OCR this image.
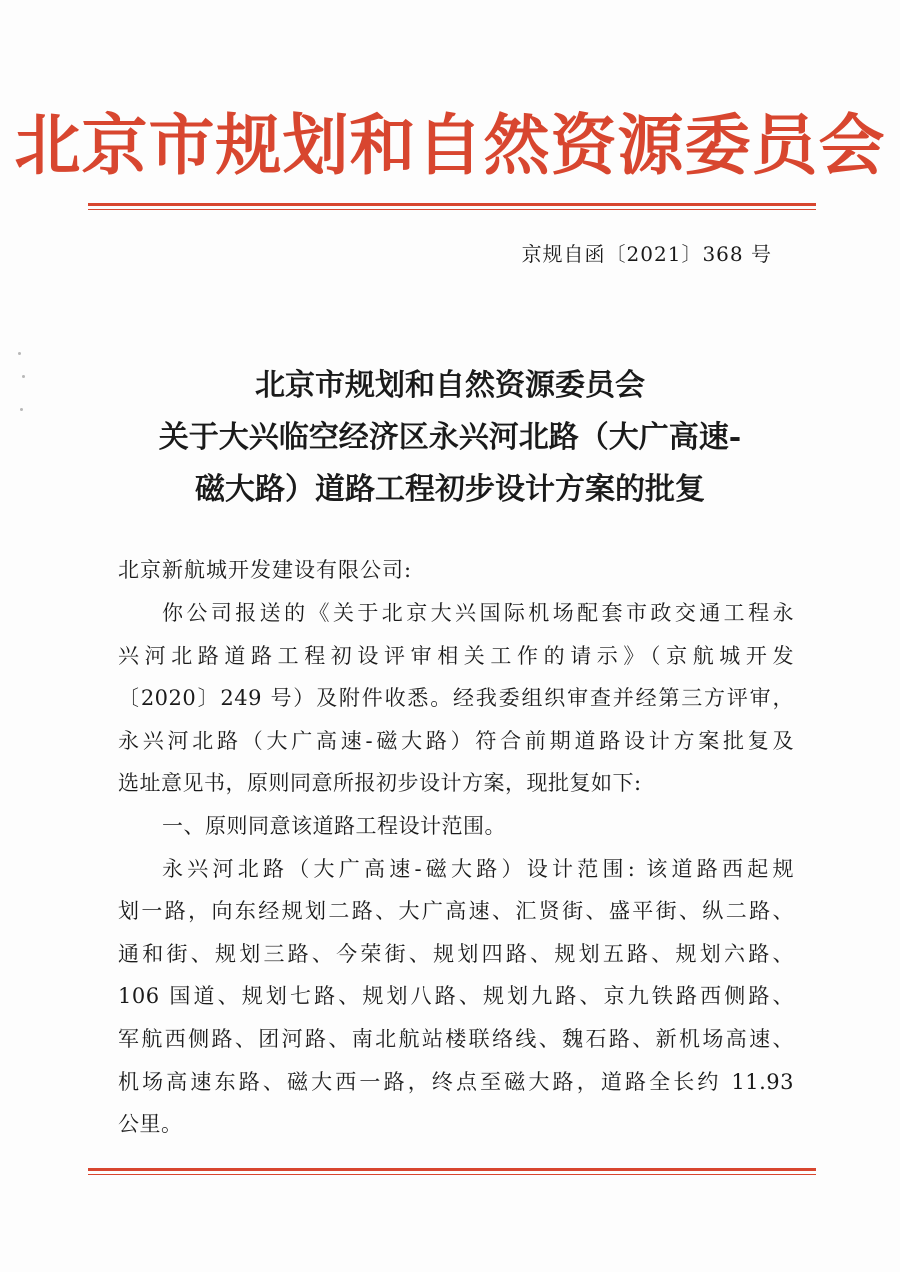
北京市规划和自然资源委员会
京规自函〔2021〕368 号
北京市规划和自然资源委员会
关于大兴临空经济区永兴河北路（大广高速-
磁大路）道路工程初步设计方案的批复
北京新航城开发建设有限公司:
你公司报送的《关于北京大兴国际机场配套市政交通工程永
兴河北路道路工程初设评审相关工作的请示》（京航城开发
〔2020〕249 号）及附件收悉。经我委组织审查并经第三方评审，
永兴河北路（大广高速-磁大路）符合前期道路设计方案批复及
选址意见书，原则同意所报初步设计方案，现批复如下:
一、原则同意该道路工程设计范围。
永兴河北路（大广高速-磁大路）设计范围: 该道路西起规
划一路，向东经规划二路、大广高速、汇贤街、盛平街、纵二路、
通和街、规划三路、今荣街、规划四路、规划五路、规划六路、
106 国道、规划七路、规划八路、规划九路、京九铁路西侧路、
军航西侧路、团河路、南北航站楼联络线、魏石路、新机场高速、
机场高速东路、磁大西一路，终点至磁大路，道路全长约 11.93
公里。
